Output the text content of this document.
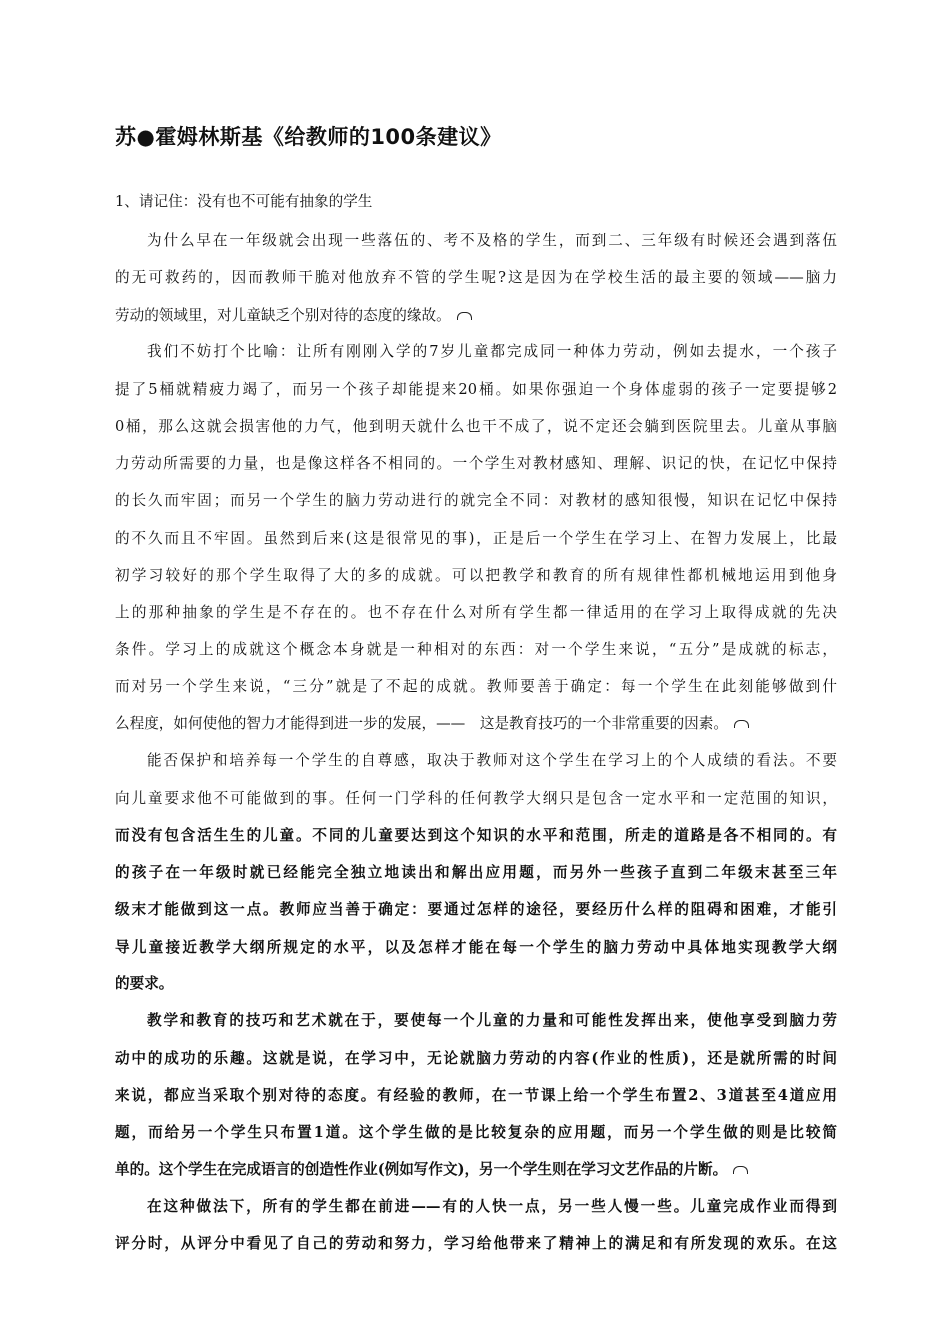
苏●霍姆林斯基《给教师的100条建议》
1、请记住：没有也不可能有抽象的学生
为什么早在一年级就会出现一些落伍的、考不及格的学生，而到二、三年级有时候还会遇到落伍
的无可救药的，因而教师干脆对他放弃不管的学生呢?这是因为在学校生活的最主要的领域——脑力
劳动的领域里，对儿童缺乏个别对待的态度的缘故。
我们不妨打个比喻：让所有刚刚入学的7岁儿童都完成同一种体力劳动，例如去提水，一个孩子
提了5桶就精疲力竭了，而另一个孩子却能提来20桶。如果你强迫一个身体虚弱的孩子一定要提够2
0桶，那么这就会损害他的力气，他到明天就什么也干不成了，说不定还会躺到医院里去。儿童从事脑
力劳动所需要的力量，也是像这样各不相同的。一个学生对教材感知、理解、识记的快，在记忆中保持
的长久而牢固；而另一个学生的脑力劳动进行的就完全不同：对教材的感知很慢，知识在记忆中保持
的不久而且不牢固。虽然到后来(这是很常见的事)，正是后一个学生在学习上、在智力发展上，比最
初学习较好的那个学生取得了大的多的成就。可以把教学和教育的所有规律性都机械地运用到他身
上的那种抽象的学生是不存在的。也不存在什么对所有学生都一律适用的在学习上取得成就的先决
条件。学习上的成就这个概念本身就是一种相对的东西：对一个学生来说，“五分”是成就的标志，
而对另一个学生来说，“三分”就是了不起的成就。教师要善于确定：每一个学生在此刻能够做到什
么程度，如何使他的智力才能得到进一步的发展，——　这是教育技巧的一个非常重要的因素。
能否保护和培养每一个学生的自尊感，取决于教师对这个学生在学习上的个人成绩的看法。不要
向儿童要求他不可能做到的事。任何一门学科的任何教学大纲只是包含一定水平和一定范围的知识，
而没有包含活生生的儿童。不同的儿童要达到这个知识的水平和范围，所走的道路是各不相同的。有
的孩子在一年级时就已经能完全独立地读出和解出应用题，而另外一些孩子直到二年级末甚至三年
级末才能做到这一点。教师应当善于确定：要通过怎样的途径，要经历什么样的阻碍和困难，才能引
导儿童接近教学大纲所规定的水平，以及怎样才能在每一个学生的脑力劳动中具体地实现教学大纲
的要求。
教学和教育的技巧和艺术就在于，要使每一个儿童的力量和可能性发挥出来，使他享受到脑力劳
动中的成功的乐趣。这就是说，在学习中，无论就脑力劳动的内容(作业的性质)，还是就所需的时间
来说，都应当采取个别对待的态度。有经验的教师，在一节课上给一个学生布置2、3道甚至4道应用
题，而给另一个学生只布置1道。这个学生做的是比较复杂的应用题，而另一个学生做的则是比较简
单的。这个学生在完成语言的创造性作业(例如写作文)，另一个学生则在学习文艺作品的片断。
在这种做法下，所有的学生都在前进——有的人快一点，另一些人慢一些。儿童完成作业而得到
评分时，从评分中看见了自己的劳动和努力，学习给他带来了精神上的满足和有所发现的欢乐。在这
